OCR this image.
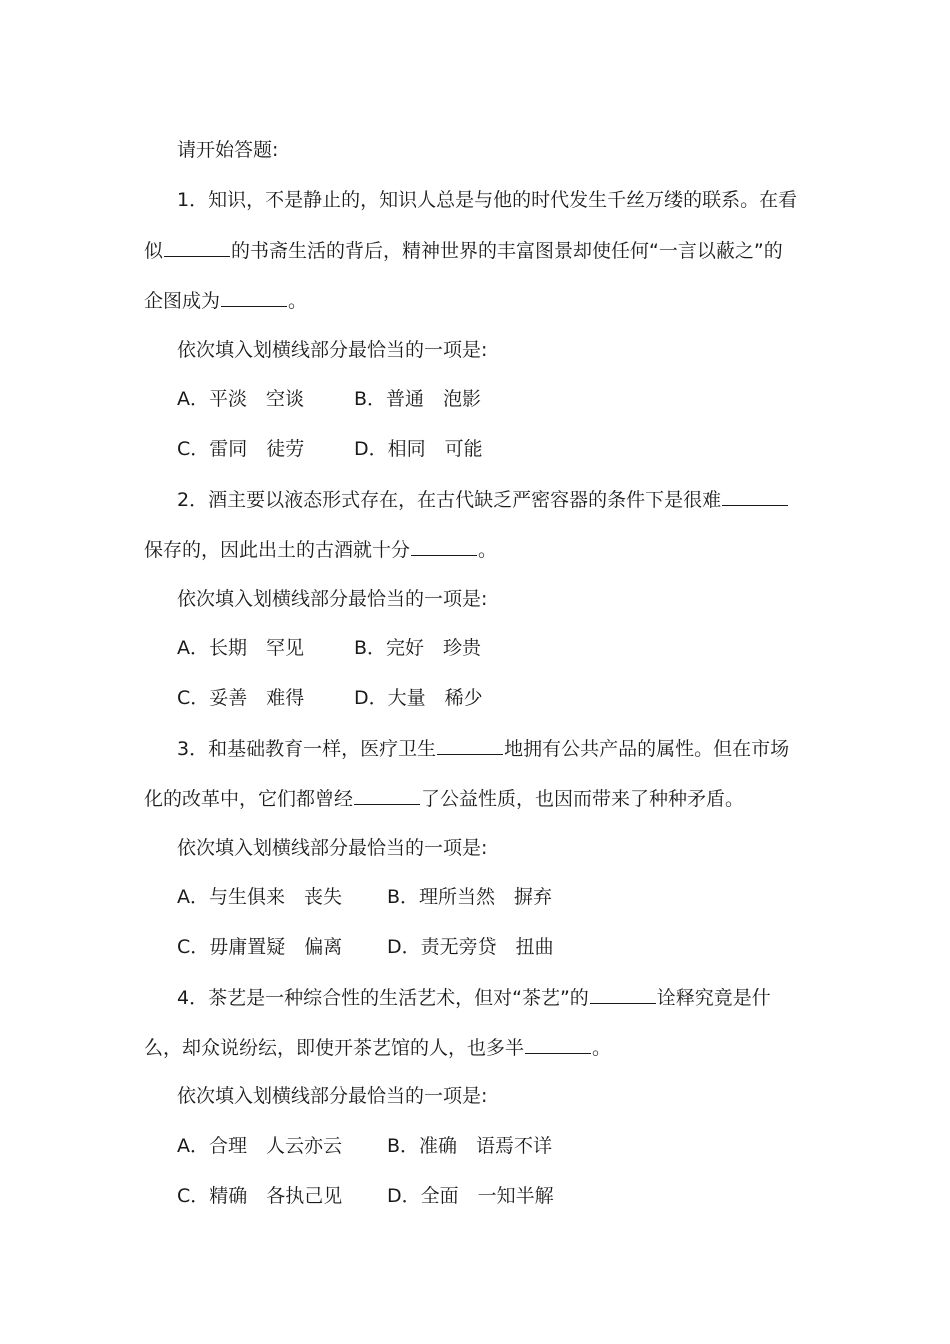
请开始答题:
1．知识，不是静止的，知识人总是与他的时代发生千丝万缕的联系。在看
似	的书斋生活的背后，精神世界的丰富图景却使任何“一言以蔽之”的
企图成为	。
依次填入划横线部分最恰当的一项是:
A．平淡　空谈	B．普通　泡影
C．雷同　徒劳	D．相同　可能
2．酒主要以液态形式存在，在古代缺乏严密容器的条件下是很难
保存的，因此出土的古酒就十分	。
依次填入划横线部分最恰当的一项是:
A．长期　罕见	B．完好　珍贵
C．妥善　难得	D．大量　稀少
3．和基础教育一样，医疗卫生	地拥有公共产品的属性。但在市场
化的改革中，它们都曾经	了公益性质，也因而带来了种种矛盾。
依次填入划横线部分最恰当的一项是:
A．与生俱来　丧失 B．理所当然　摒弃
C．毋庸置疑　偏离 D．责无旁贷　扭曲
4．茶艺是一种综合性的生活艺术，但对“茶艺”的	诠释究竟是什
么，却众说纷纭，即使开茶艺馆的人，也多半	。
依次填入划横线部分最恰当的一项是:
A．合理　人云亦云 B．准确　语焉不详
C．精确　各执己见 D．全面　一知半解
